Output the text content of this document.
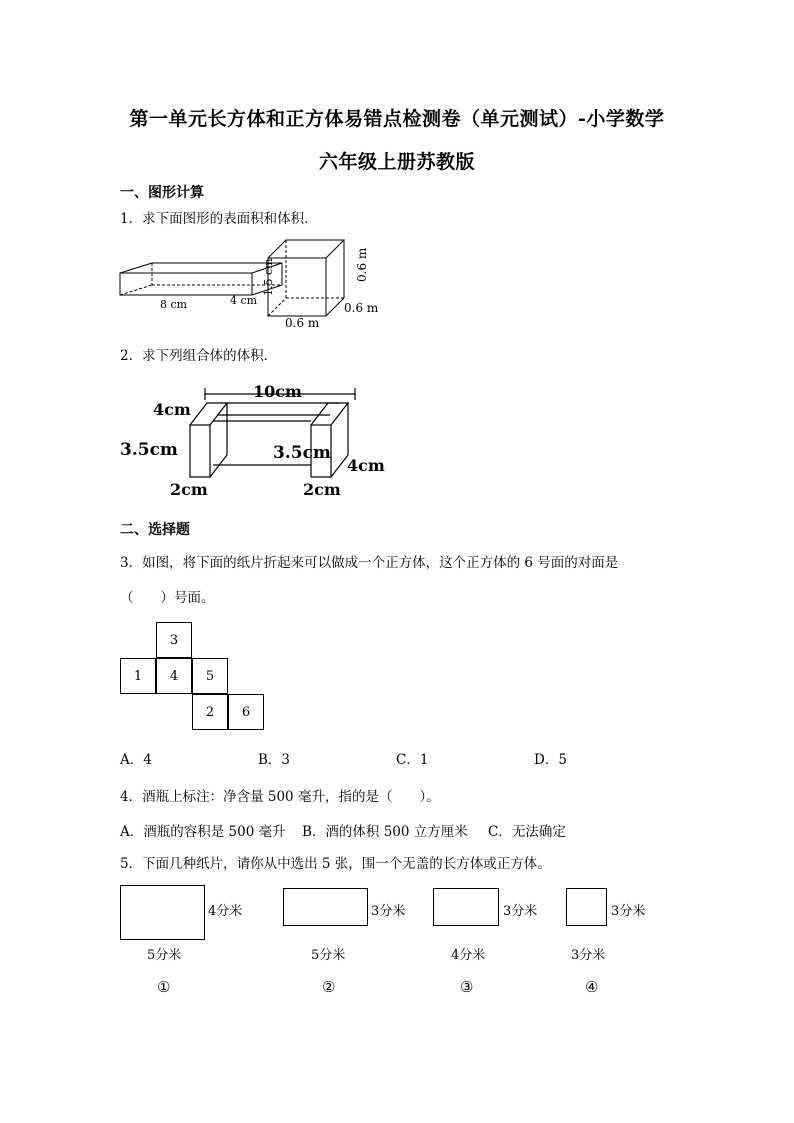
第一单元长方体和正方体易错点检测卷（单元测试）-小学数学
六年级上册苏教版
一、图形计算
1．求下面图形的表面积和体积．
8 cm	4 cm
1.5 cm	0.6 m
0.6 m
0.6 m
2．求下列组合体的体积．
10cm
4cm
3.5cm	3.5cm
4cm
2cm	2cm
二、选择题
3．如图，将下面的纸片折起来可以做成一个正方体，这个正方体的 6 号面的对面是
（　　）号面。
3
1	4	5
2	6
A．4	B．3	C．1	D．5
4．酒瓶上标注：净含量 500 毫升，指的是（　　）。
A．酒瓶的容积是 500 毫升 B．酒的体积 500 立方厘米 C．无法确定
5．下面几种纸片，请你从中选出 5 张，围一个无盖的长方体或正方体。
4分米
5分米
①
3分米
5分米
②
3分米
4分米
③
3分米
3分米
④
